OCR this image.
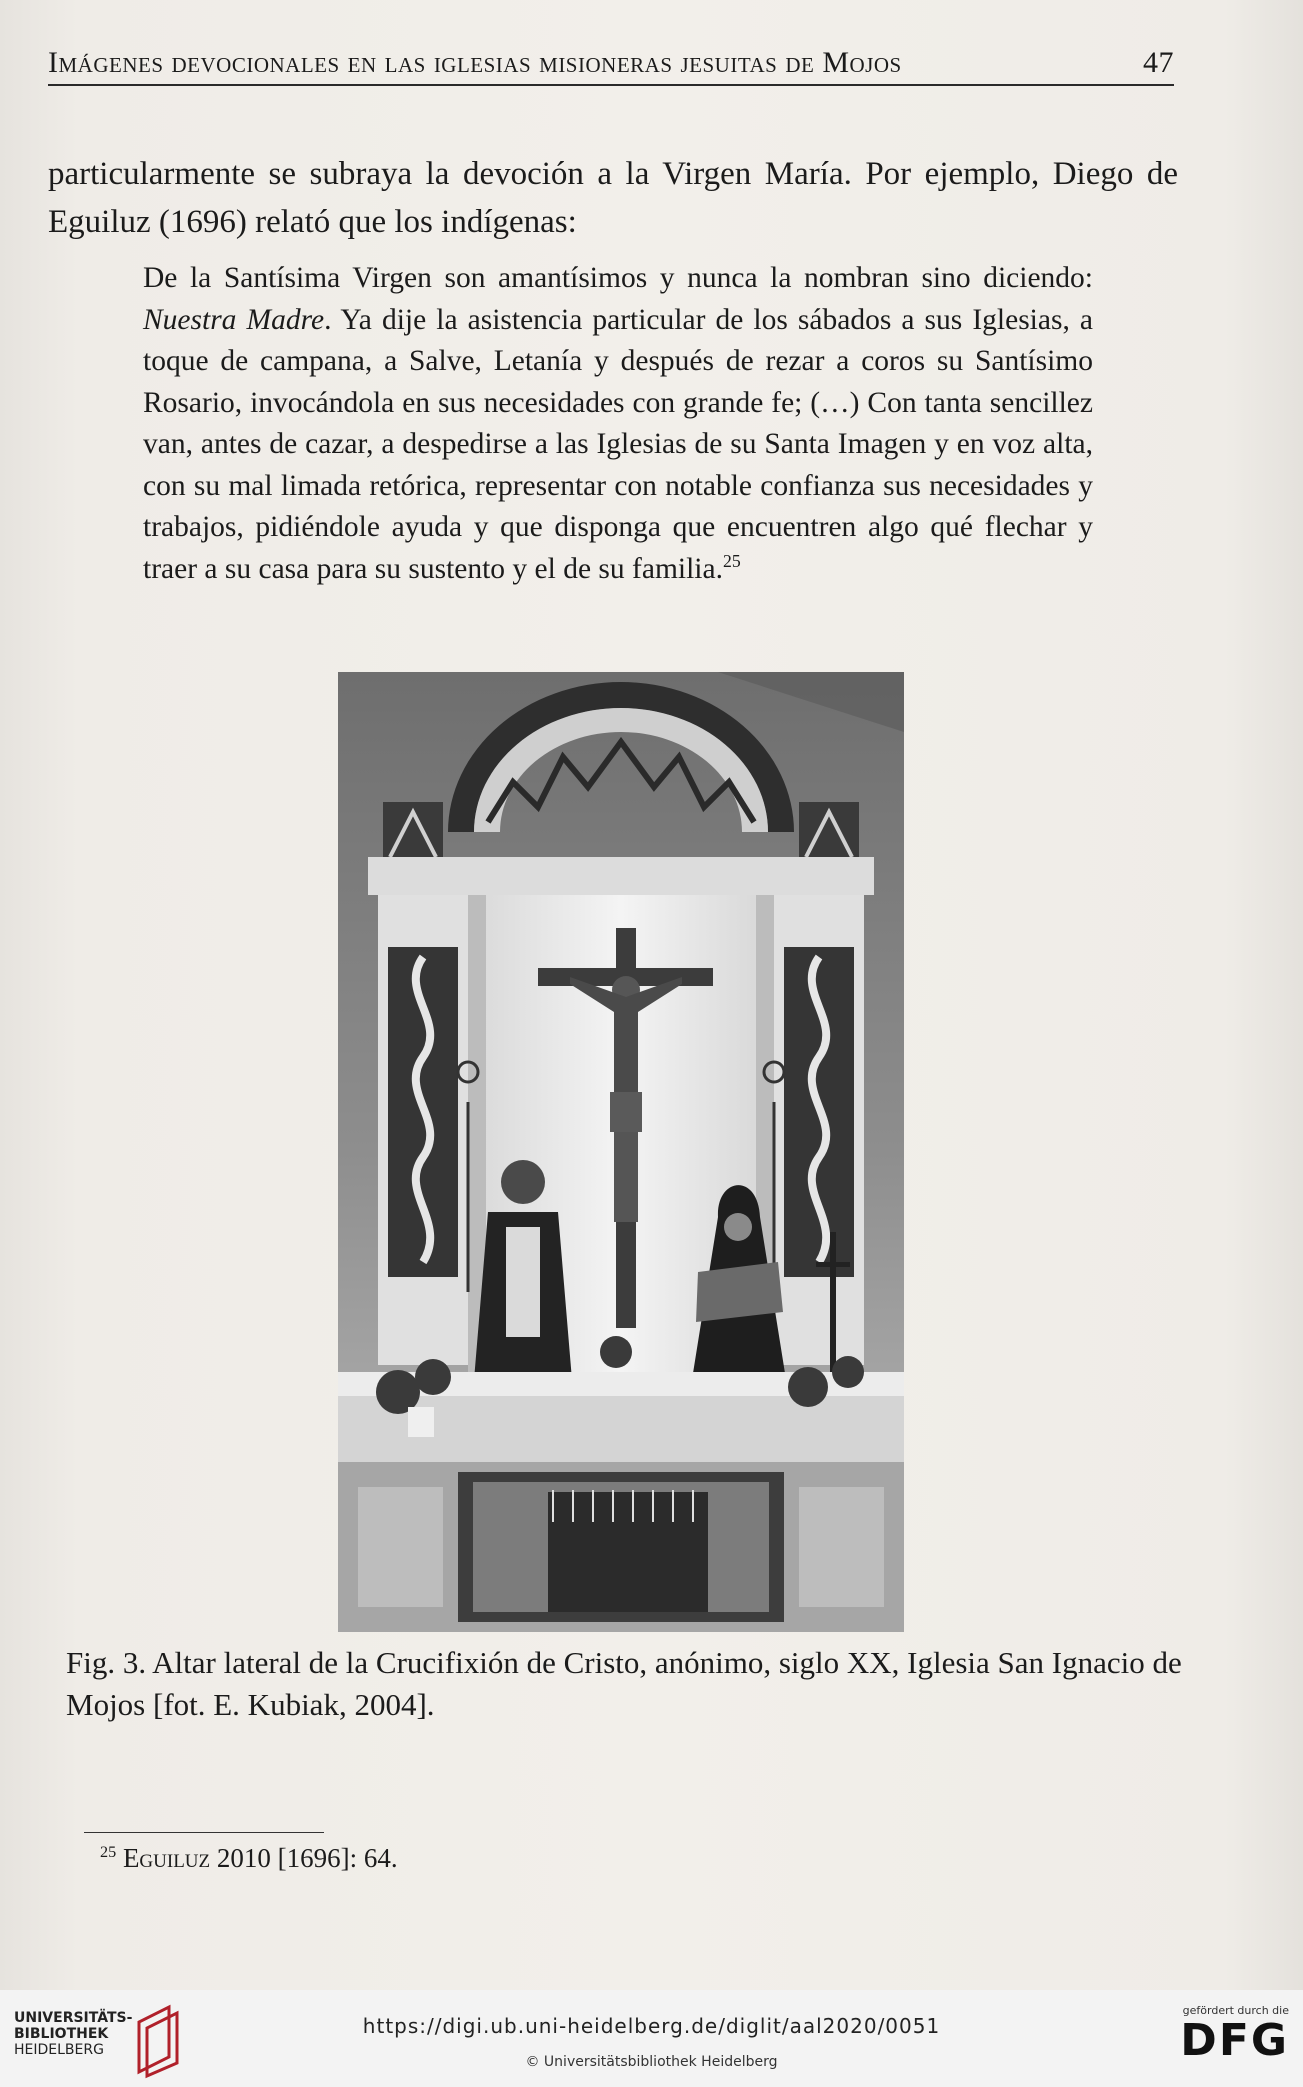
Imágenes devocionales en las iglesias misioneras jesuitas de Mojos	47
particularmente se subraya la devoción a la Virgen María. Por ejemplo, Diego de Eguiluz (1696) relató que los indígenas:
De la Santísima Virgen son amantísimos y nunca la nombran sino diciendo: Nuestra Madre. Ya dije la asistencia particular de los sábados a sus Iglesias, a toque de campana, a Salve, Letanía y después de rezar a coros su Santísimo Rosario, invocándola en sus necesidades con grande fe; (…) Con tanta sencillez van, antes de cazar, a despedirse a las Iglesias de su Santa Imagen y en voz alta, con su mal limada retórica, representar con notable confianza sus necesidades y trabajos, pidiéndole ayuda y que disponga que encuentren algo qué flechar y traer a su casa para su sustento y el de su familia.$^{25}$
Fig. 3. Altar lateral de la Crucifixión de Cristo, anónimo, siglo XX, Iglesia San Ignacio de Mojos [fot. E. Kubiak, 2004].
$^{25}$ Eguiluz 2010 [1696]: 64.
UNIVERSITÄTS-
BIBLIOTHEK
HEIDELBERG
https://digi.ub.uni-heidelberg.de/diglit/aal2020/0051
© Universitätsbibliothek Heidelberg
gefördert durch die
DFG
